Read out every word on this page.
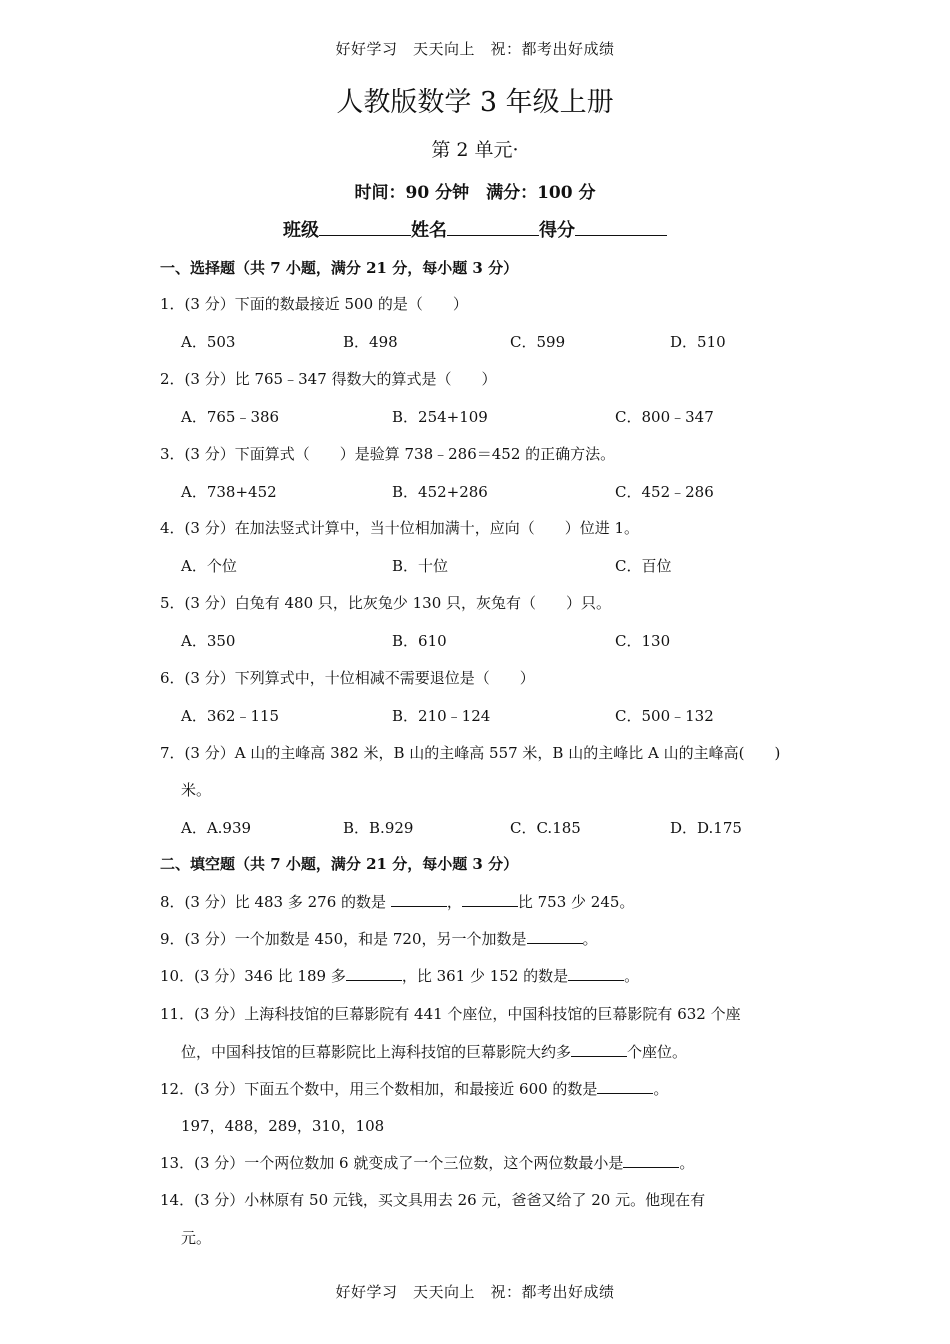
好好学习　天天向上　祝：都考出好成绩
人教版数学 3 年级上册
第 2 单元·
时间：90 分钟　满分：100 分
班级	姓名	得分
一、选择题（共 7 小题，满分 21 分，每小题 3 分）
1．(3 分）下面的数最接近 500 的是（　　）
A．503	B．498	C．599	D．510
2．(3 分）比 765﹣347 得数大的算式是（　　）
A．765﹣386	B．254+109	C．800﹣347
3．(3 分）下面算式（　　）是验算 738﹣286＝452 的正确方法。
A．738+452	B．452+286	C．452﹣286
4．(3 分）在加法竖式计算中，当十位相加满十，应向（　　）位进 1。
A．个位	B．十位	C．百位
5．(3 分）白兔有 480 只，比灰兔少 130 只，灰兔有（　　）只。
A．350	B．610	C．130
6．(3 分）下列算式中，十位相减不需要退位是（　　）
A．362﹣115	B．210﹣124	C．500﹣132
7．(3 分）A 山的主峰高 382 米，B 山的主峰高 557 米，B 山的主峰比 A 山的主峰高(　　)
米。
A．A.939	B．B.929	C．C.185	D．D.175
二、填空题（共 7 小题，满分 21 分，每小题 3 分）
8．(3 分）比 483 多 276 的数是	，	比 753 少 245。
9．(3 分）一个加数是 450，和是 720，另一个加数是	。
10．(3 分）346 比 189 多	，比 361 少 152 的数是	。
11．(3 分）上海科技馆的巨幕影院有 441 个座位，中国科技馆的巨幕影院有 632 个座
位，中国科技馆的巨幕影院比上海科技馆的巨幕影院大约多	个座位。
12．(3 分）下面五个数中，用三个数相加，和最接近 600 的数是	。
197，488，289，310，108
13．(3 分）一个两位数加 6 就变成了一个三位数，这个两位数最小是	。
14．(3 分）小林原有 50 元钱，买文具用去 26 元，爸爸又给了 20 元。他现在有
元。
好好学习　天天向上　祝：都考出好成绩
